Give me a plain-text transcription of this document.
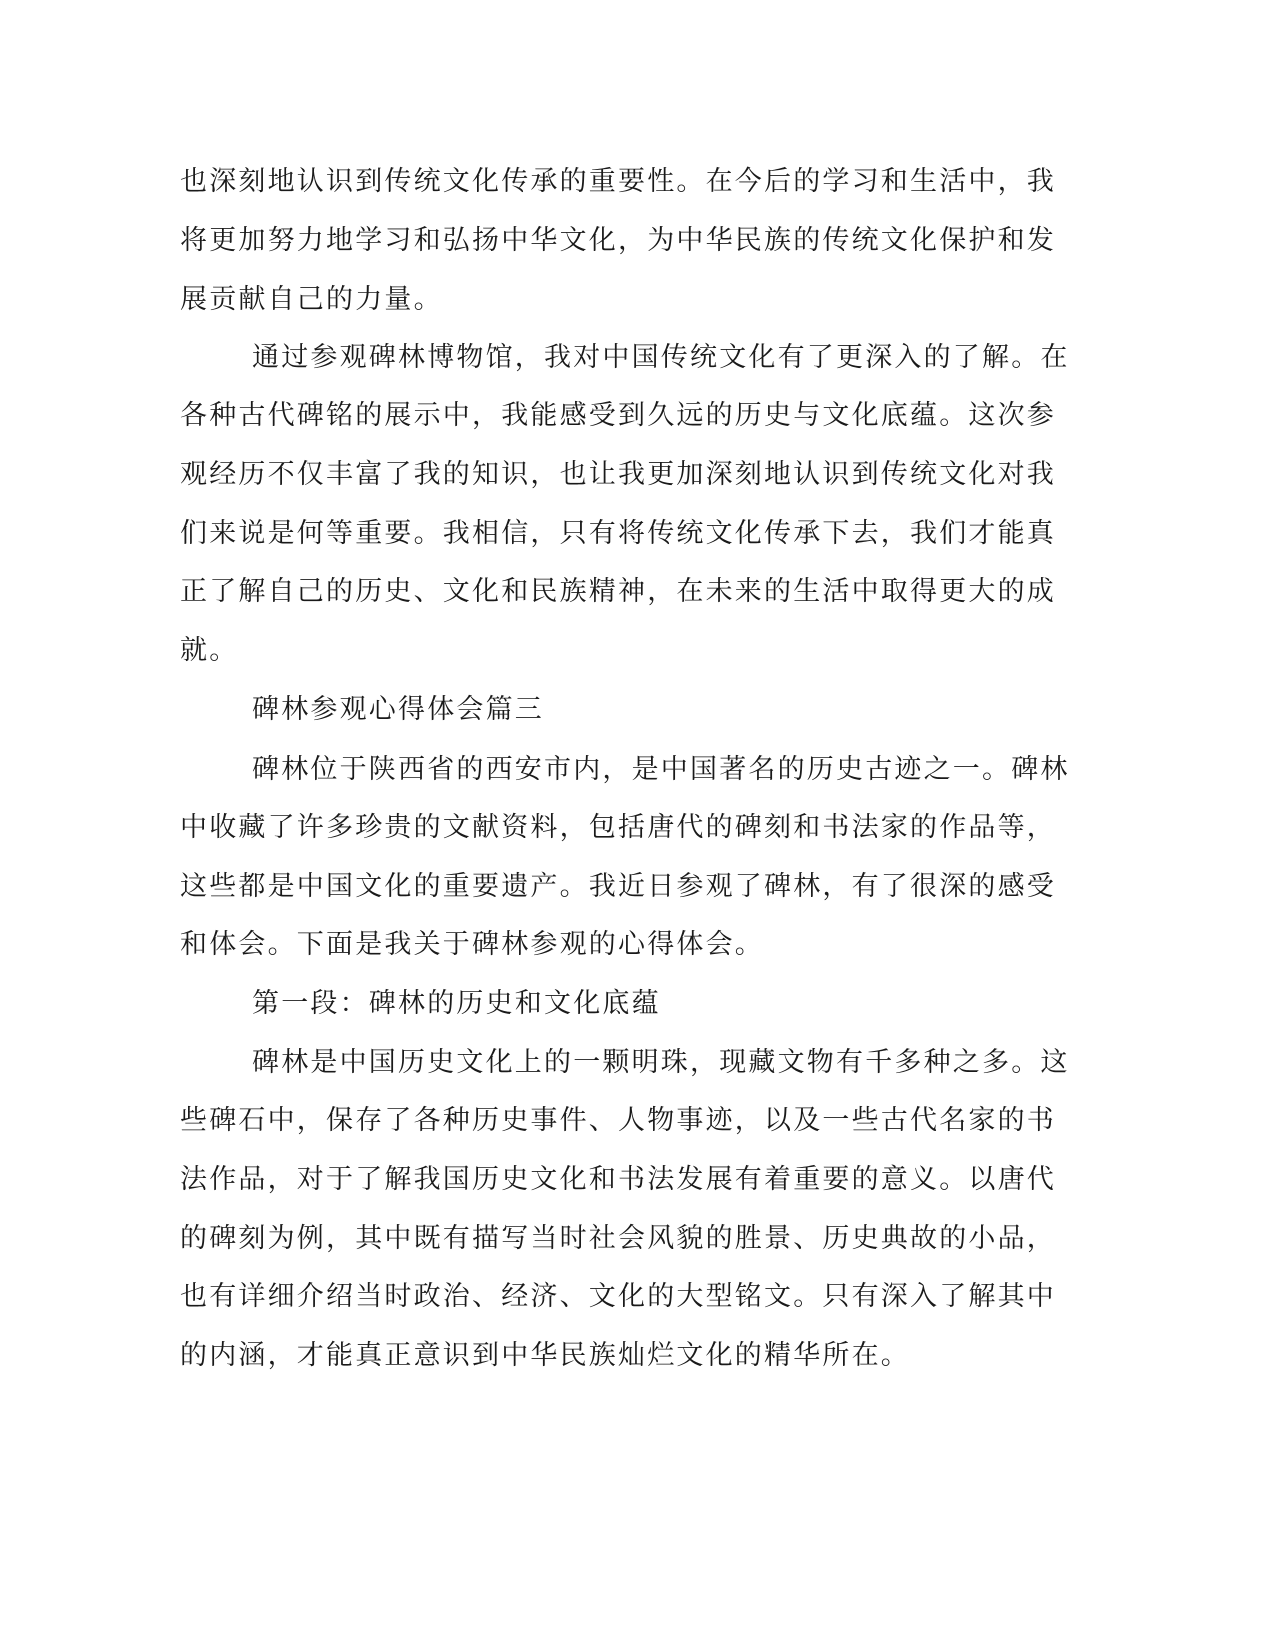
也深刻地认识到传统文化传承的重要性。在今后的学习和生活中，我
将更加努力地学习和弘扬中华文化，为中华民族的传统文化保护和发
展贡献自己的力量。
通过参观碑林博物馆，我对中国传统文化有了更深入的了解。在
各种古代碑铭的展示中，我能感受到久远的历史与文化底蕴。这次参
观经历不仅丰富了我的知识，也让我更加深刻地认识到传统文化对我
们来说是何等重要。我相信，只有将传统文化传承下去，我们才能真
正了解自己的历史、文化和民族精神，在未来的生活中取得更大的成
就。
碑林参观心得体会篇三
碑林位于陕西省的西安市内，是中国著名的历史古迹之一。碑林
中收藏了许多珍贵的文献资料，包括唐代的碑刻和书法家的作品等，
这些都是中国文化的重要遗产。我近日参观了碑林，有了很深的感受
和体会。下面是我关于碑林参观的心得体会。
第一段：碑林的历史和文化底蕴
碑林是中国历史文化上的一颗明珠，现藏文物有千多种之多。这
些碑石中，保存了各种历史事件、人物事迹，以及一些古代名家的书
法作品，对于了解我国历史文化和书法发展有着重要的意义。以唐代
的碑刻为例，其中既有描写当时社会风貌的胜景、历史典故的小品，
也有详细介绍当时政治、经济、文化的大型铭文。只有深入了解其中
的内涵，才能真正意识到中华民族灿烂文化的精华所在。
